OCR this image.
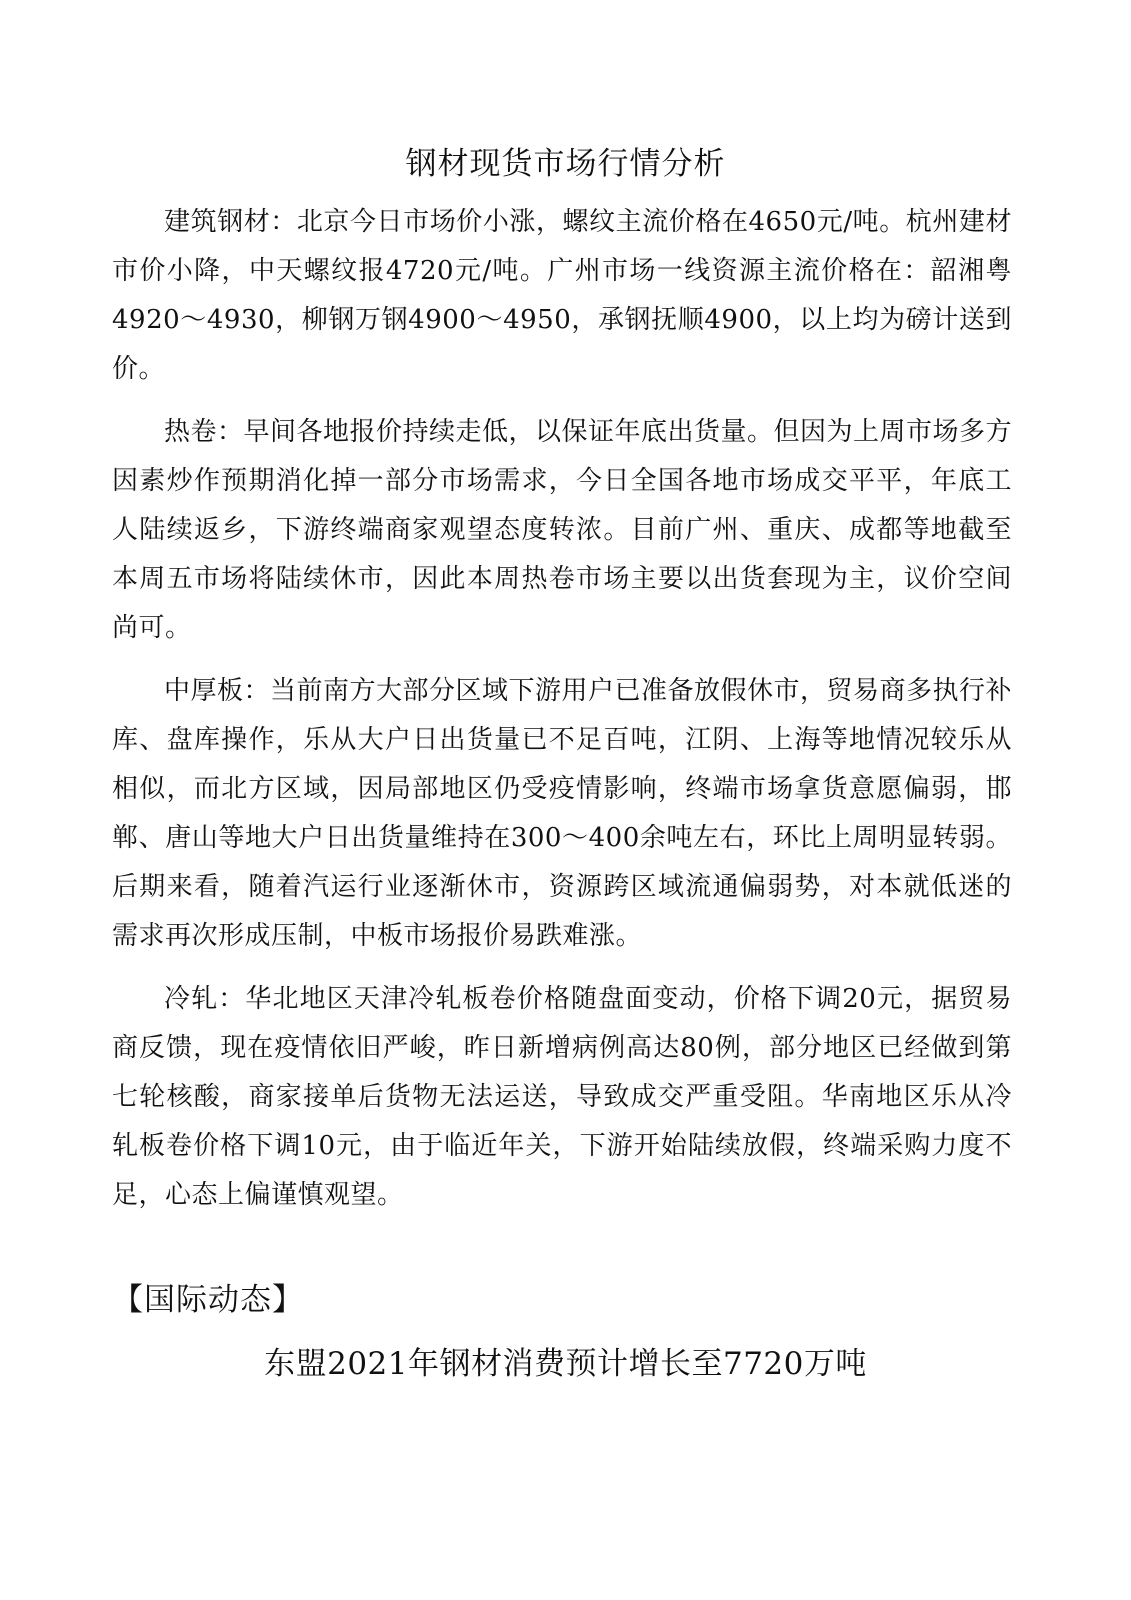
钢材现货市场行情分析

建筑钢材：北京今日市场价小涨，螺纹主流价格在4650元/吨。杭州建材市价小降，中天螺纹报4720元/吨。广州市场一线资源主流价格在：韶湘粤4920～4930，柳钢万钢4900～4950，承钢抚顺4900，以上均为磅计送到价。

热卷：早间各地报价持续走低，以保证年底出货量。但因为上周市场多方因素炒作预期消化掉一部分市场需求，今日全国各地市场成交平平，年底工人陆续返乡，下游终端商家观望态度转浓。目前广州、重庆、成都等地截至本周五市场将陆续休市，因此本周热卷市场主要以出货套现为主，议价空间尚可。

中厚板：当前南方大部分区域下游用户已准备放假休市，贸易商多执行补库、盘库操作，乐从大户日出货量已不足百吨，江阴、上海等地情况较乐从相似，而北方区域，因局部地区仍受疫情影响，终端市场拿货意愿偏弱，邯郸、唐山等地大户日出货量维持在300～400余吨左右，环比上周明显转弱。后期来看，随着汽运行业逐渐休市，资源跨区域流通偏弱势，对本就低迷的需求再次形成压制，中板市场报价易跌难涨。

冷轧：华北地区天津冷轧板卷价格随盘面变动，价格下调20元，据贸易商反馈，现在疫情依旧严峻，昨日新增病例高达80例，部分地区已经做到第七轮核酸，商家接单后货物无法运送，导致成交严重受阻。华南地区乐从冷轧板卷价格下调10元，由于临近年关，下游开始陆续放假，终端采购力度不足，心态上偏谨慎观望。

【国际动态】
东盟2021年钢材消费预计增长至7720万吨
